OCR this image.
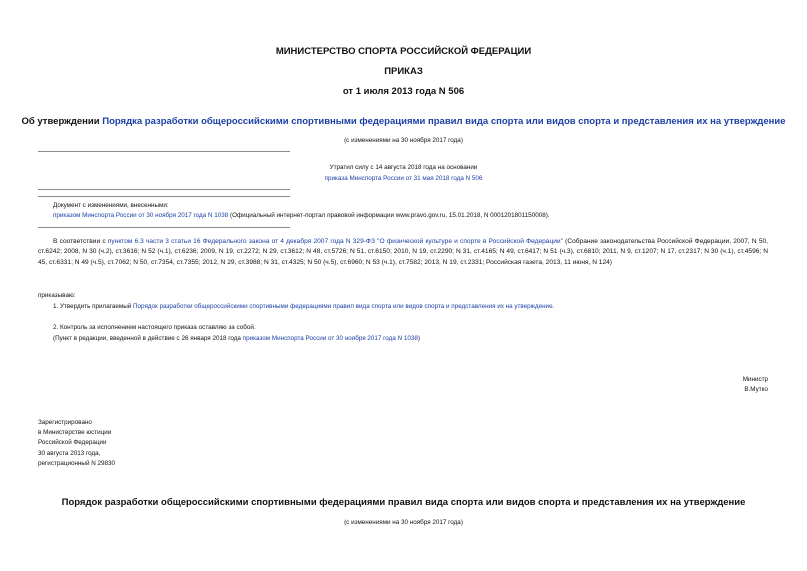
МИНИСТЕРСТВО СПОРТА РОССИЙСКОЙ ФЕДЕРАЦИИ
ПРИКАЗ
от 1 июля 2013 года N 506
Об утверждении Порядка разработки общероссийскими спортивными федерациями правил вида спорта или видов спорта и представления их на утверждение
(с изменениями на 30 ноября 2017 года)
Утратил силу с 14 августа 2018 года на основании
приказа Минспорта России от 31 мая 2018 года N 506
Документ с изменениями, внесенными:
приказом Минспорта России от 30 ноября 2017 года N 1038 (Официальный интернет-портал правовой информации www.pravo.gov.ru, 15.01.2018, N 0001201801150008).
В соответствии с пунктом 6.3 части 3 статьи 16 Федерального закона от 4 декабря 2007 года N 329-ФЗ "О физической культуре и спорте в Российской Федерации" (Собрание законодательства Российской Федерации, 2007, N 50, ст.6242; 2008, N 30 (ч.2), ст.3616; N 52 (ч.1), ст.6236; 2009, N 19, ст.2272; N 29, ст.3612; N 48, ст.5726; N 51, ст.6150; 2010, N 19, ст.2290; N 31, ст.4165; N 49, ст.6417; N 51 (ч.3), ст.6810; 2011, N 9, ст.1207; N 17, ст.2317; N 30 (ч.1), ст.4596; N 45, ст.6331; N 49 (ч.5), ст.7062; N 50, ст.7354, ст.7355; 2012, N 29, ст.3988; N 31, ст.4325; N 50 (ч.5), ст.6960; N 53 (ч.1), ст.7582; 2013, N 19, ст.2331; Российская газета, 2013, 11 июня, N 124)
приказываю:
1. Утвердить прилагаемый Порядок разработки общероссийскими спортивными федерациями правил вида спорта или видов спорта и представления их на утверждение.
2. Контроль за исполнением настоящего приказа оставляю за собой.
(Пункт в редакции, введенной в действие с 26 января 2018 года приказом Минспорта России от 30 ноября 2017 года N 1038)
Министр
В.Мутко
Зарегистрировано
в Министерстве юстиции
Российской Федерации
30 августа 2013 года,
регистрационный N 29830
Порядок разработки общероссийскими спортивными федерациями правил вида спорта или видов спорта и представления их на утверждение
(с изменениями на 30 ноября 2017 года)
